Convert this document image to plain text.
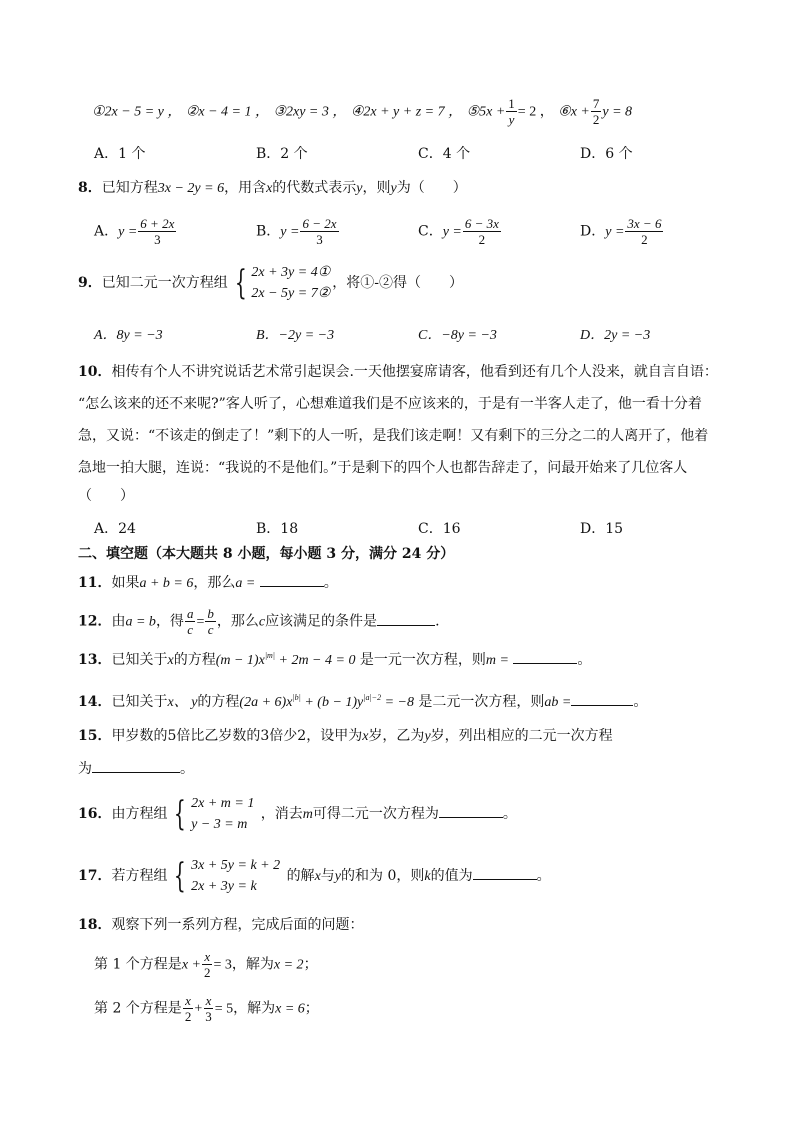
①2x − 5 = y ， ②x − 4 = 1 ， ③2xy = 3 ， ④2x + y + z = 7 ， ⑤5x + $\frac{1}{y} = 2$ ， ⑥x + $\frac{7}{2}$ y = 8
A．1 个	B．2 个	C．4 个	D．6 个
8．已知方程3x − 2y = 6，用含x的代数式表示y，则y为（　　）
A．$y = \frac{6 + 2x}{3}$	B．$y = \frac{6 - 2x}{3}$	C．$y = \frac{6 - 3x}{2}$	D．$y = \frac{3x - 6}{2}$
9．已知二元一次方程组 { 2x + 3y = 4①
2x − 5y = 7②
，将①-②得（　　）
A．8y = −3	B．−2y = −3	C．−8y = −3	D．2y = −3
10．相传有个人不讲究说话艺术常引起误会.一天他摆宴席请客，他看到还有几个人没来，就自言自语：
“怎么该来的还不来呢?”客人听了，心想难道我们是不应该来的，于是有一半客人走了，他一看十分着
急，又说：“不该走的倒走了！”剩下的人一听，是我们该走啊！又有剩下的三分之二的人离开了，他着
急地一拍大腿，连说：“我说的不是他们。”于是剩下的四个人也都告辞走了，问最开始来了几位客人
（　　）
A．24	B．18	C．16	D．15
二、填空题（本大题共 8 小题，每小题 3 分，满分 24 分）
11．如果a + b = 6，那么a =	。
12．由a = b，得 $\frac{a}{c} = \frac{b}{c}$ ，那么c应该满足的条件是	.
13．已知关于x的方程$(m - 1)x^{|m|} + 2m - 4 = 0$ 是一元一次方程，则m =	。
14．已知关于x、 y的方程$(2a + 6)x^{|b|} + (b - 1)y^{|a|-2} = -8$ 是二元一次方程，则ab =	。
15．甲岁数的5倍比乙岁数的3倍少2，设甲为x岁，乙为y岁，列出相应的二元一次方程
为	。
16．由方程组 { 2x + m = 1
y − 3 = m
，消去m可得二元一次方程为	。
17．若方程组 { 3x + 5y = k + 2
2x + 3y = k
的解x与y的和为 0，则k的值为	。
18．观察下列一系列方程，完成后面的问题：
第 1 个方程是$x + \frac{x}{2} = 3$，解为x = 2；
第 2 个方程是 $\frac{x}{2} + \frac{x}{3} = 5$，解为x = 6；
